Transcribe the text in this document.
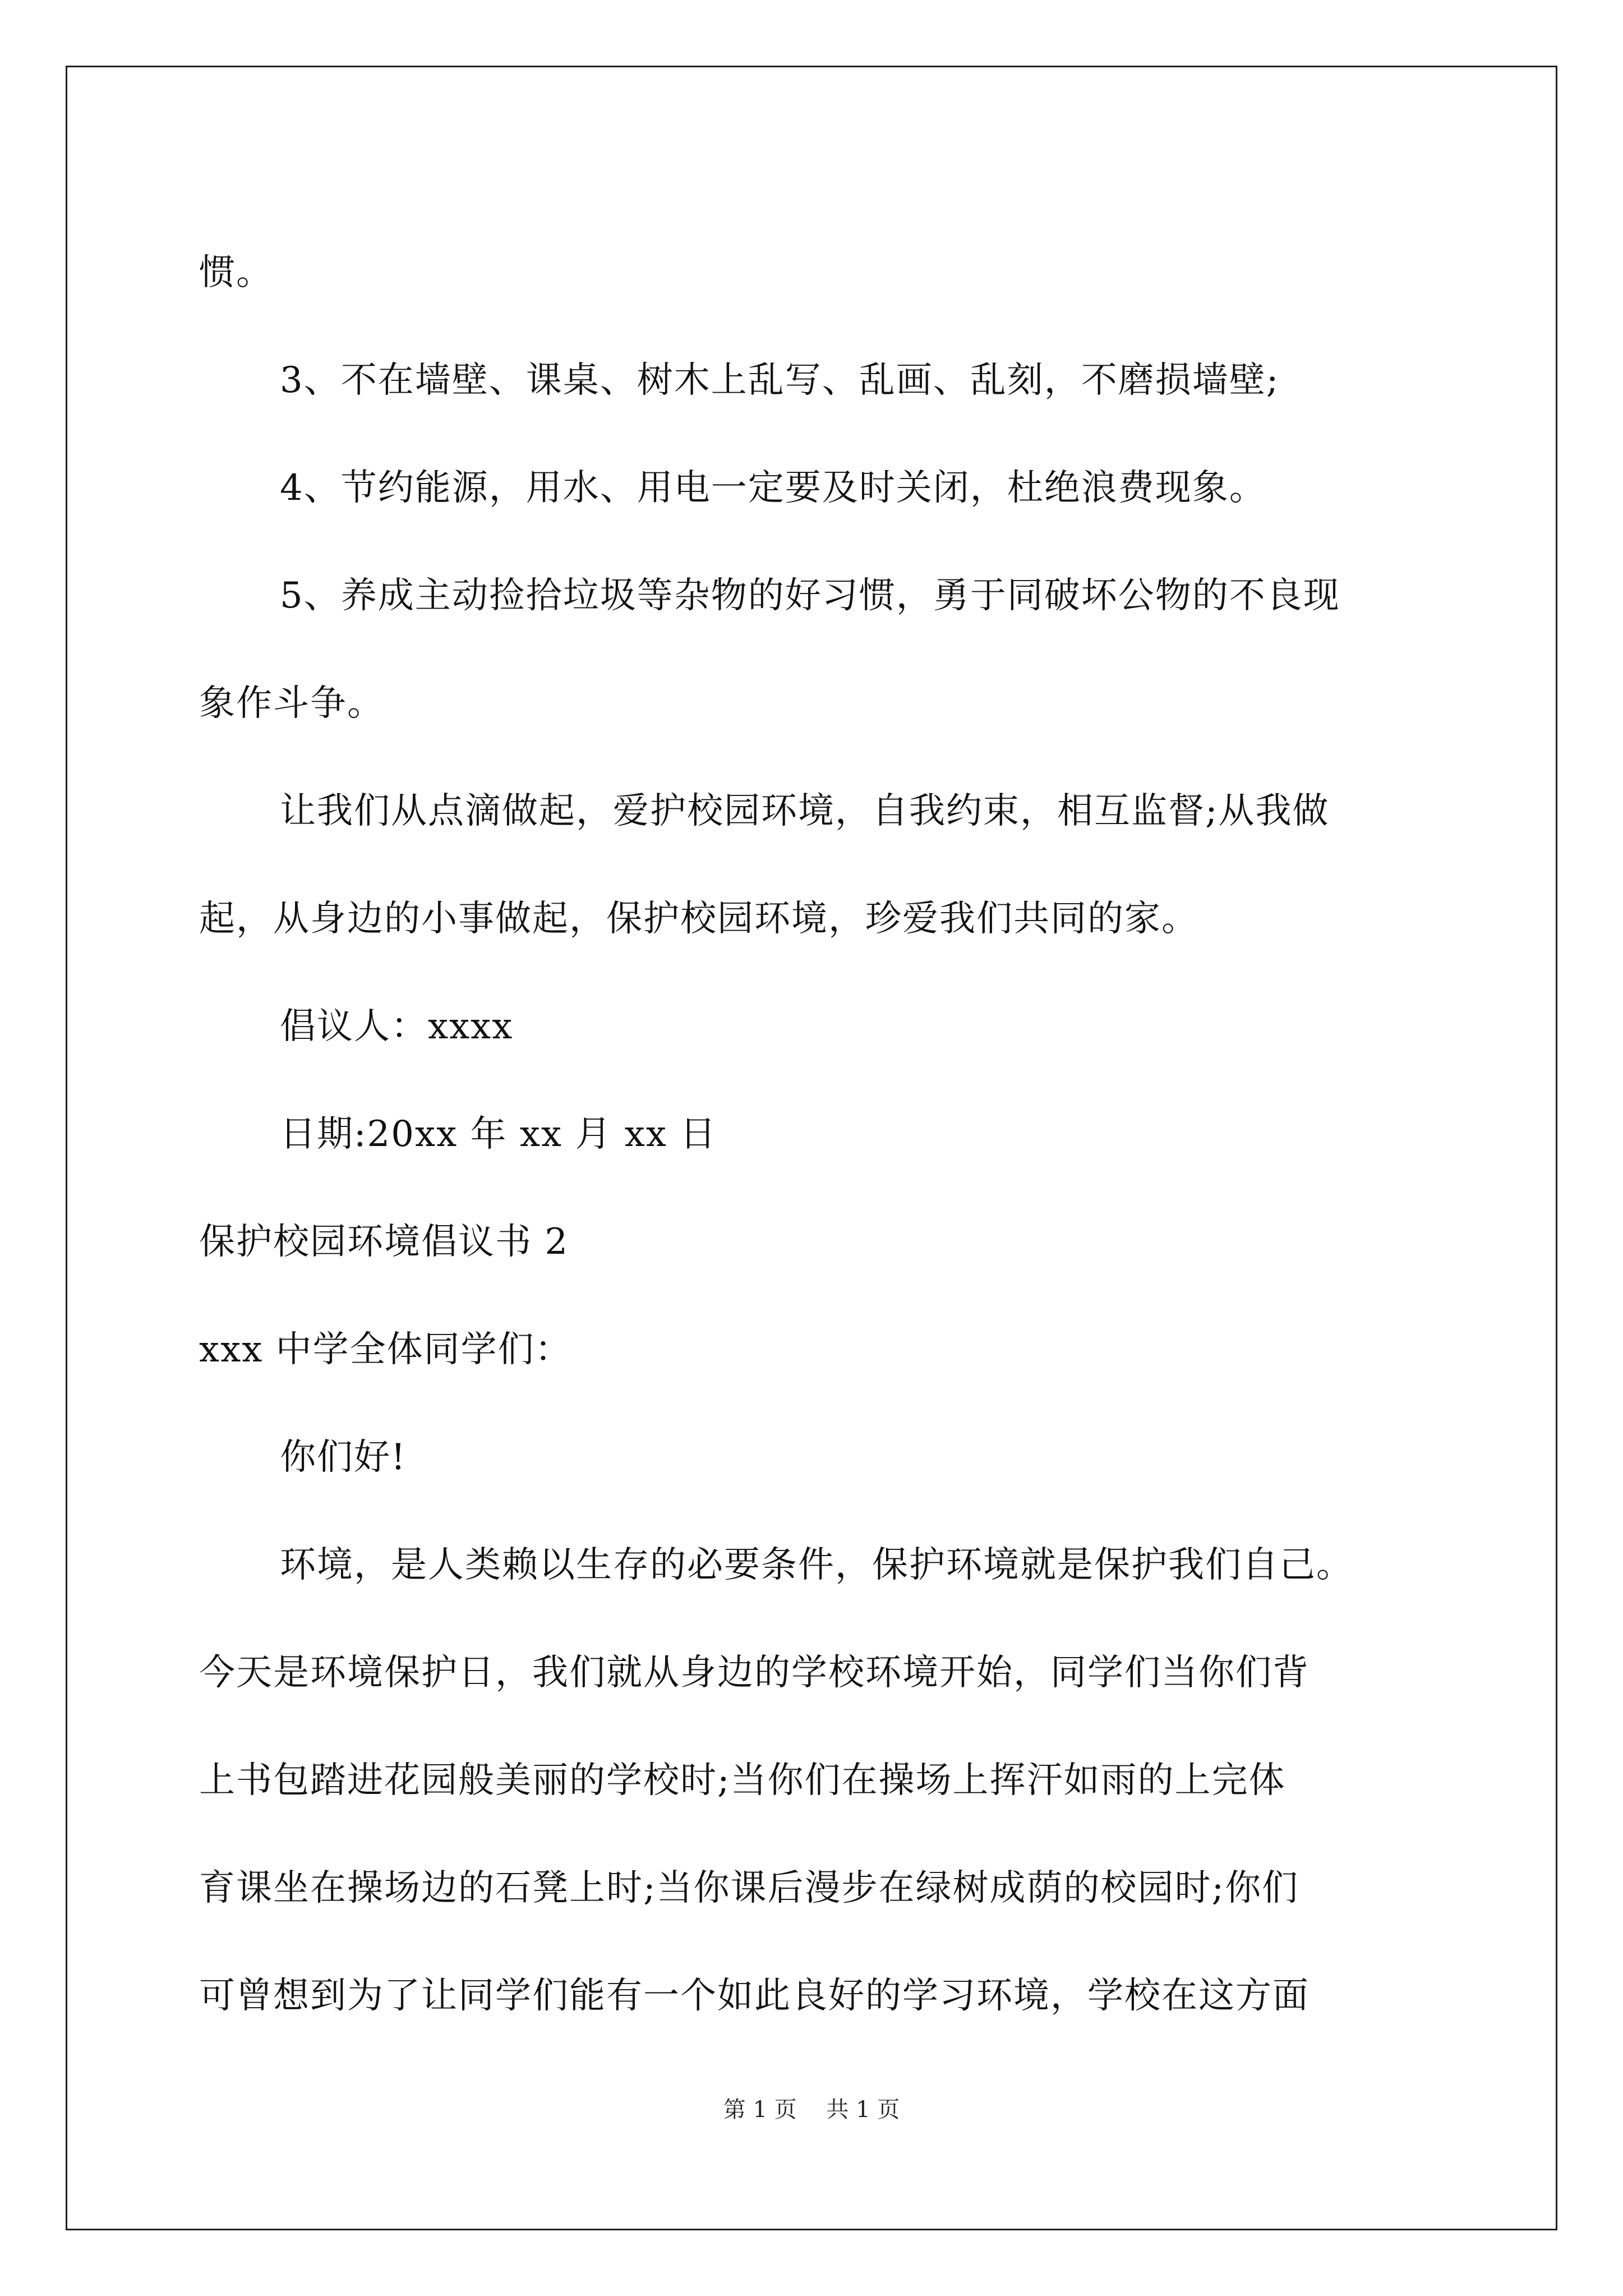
惯。
3、不在墙壁、课桌、树木上乱写、乱画、乱刻，不磨损墙壁;
4、节约能源，用水、用电一定要及时关闭，杜绝浪费现象。
5、养成主动捡拾垃圾等杂物的好习惯，勇于同破坏公物的不良现
象作斗争。
让我们从点滴做起，爱护校园环境，自我约束，相互监督;从我做
起，从身边的小事做起，保护校园环境，珍爱我们共同的家。
倡议人：xxxx
日期:20xx 年 xx 月 xx 日
保护校园环境倡议书 2
xxx 中学全体同学们：
你们好!
环境，是人类赖以生存的必要条件，保护环境就是保护我们自己。
今天是环境保护日，我们就从身边的学校环境开始，同学们当你们背
上书包踏进花园般美丽的学校时;当你们在操场上挥汗如雨的上完体
育课坐在操场边的石凳上时;当你课后漫步在绿树成荫的校园时;你们
可曾想到为了让同学们能有一个如此良好的学习环境，学校在这方面
第 1 页 共 1 页
